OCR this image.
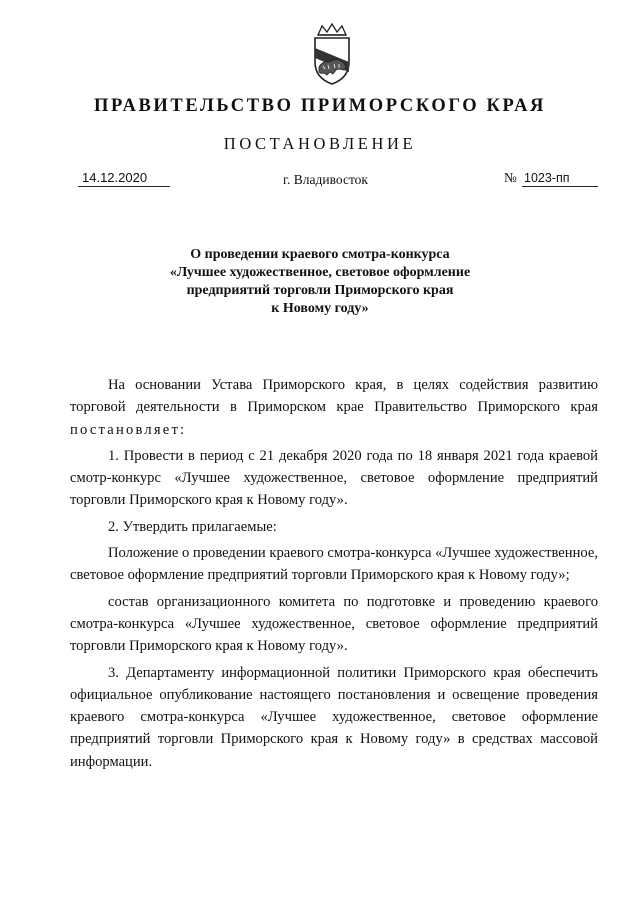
ПРАВИТЕЛЬСТВО ПРИМОРСКОГО КРАЯ
ПОСТАНОВЛЕНИЕ
14.12.2020	г. Владивосток	№ 1023-пп
О проведении краевого смотра-конкурса
«Лучшее художественное, световое оформление
предприятий торговли Приморского края
к Новому году»

На основании Устава Приморского края, в целях содействия развитию торговой деятельности в Приморском крае Правительство Приморского края постановляет:

1. Провести в период с 21 декабря 2020 года по 18 января 2021 года краевой смотр-конкурс «Лучшее художественное, световое оформление предприятий торговли Приморского края к Новому году».

2. Утвердить прилагаемые:

Положение о проведении краевого смотра-конкурса «Лучшее художественное, световое оформление предприятий торговли Приморского края к Новому году»;

состав организационного комитета по подготовке и проведению краевого смотра-конкурса «Лучшее художественное, световое оформление предприятий торговли Приморского края к Новому году».

3. Департаменту информационной политики Приморского края обеспечить официальное опубликование настоящего постановления и освещение проведения краевого смотра-конкурса «Лучшее художественное, световое оформление предприятий торговли Приморского края к Новому году» в средствах массовой информации.
